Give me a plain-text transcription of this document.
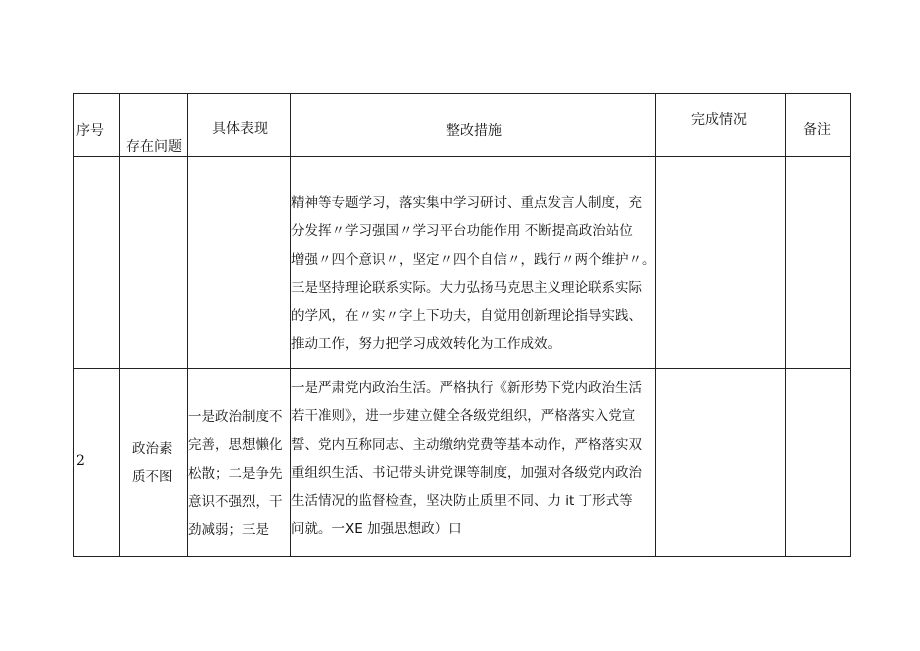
序号
存在问题
具体表现	整改措施
完成情况
备注
精神等专题学习，落实集中学习研讨、重点发言人制度，充
分发挥〃学习强国〃学习平台功能作用 不断提高政治站位
增强〃四个意识〃，坚定〃四个自信〃，践行〃两个维护〃。
三是坚持理论联系实际。大力弘扬马克思主义理论联系实际
的学风，在〃实〃字上下功夫，自觉用创新理论指导实践、
推动工作，努力把学习成效转化为工作成效。
2
政治素
质不图
一是政治制度不
完善，思想懒化
松散；二是争先
意识不强烈，干
劲减弱；三是
一是严肃党内政治生活。严格执行《新形势下党内政治生活
若干准则》，进一步建立健全各级党组织，严格落实入党宣
誓、党内互称同志、主动缴纳党费等基本动作，严格落实双
重组织生活、书记带头讲党课等制度，加强对各级党内政治
生活情况的监督检查，坚决防止质里不同、力 it 丁形式等
问就。一XE 加强思想政）口
